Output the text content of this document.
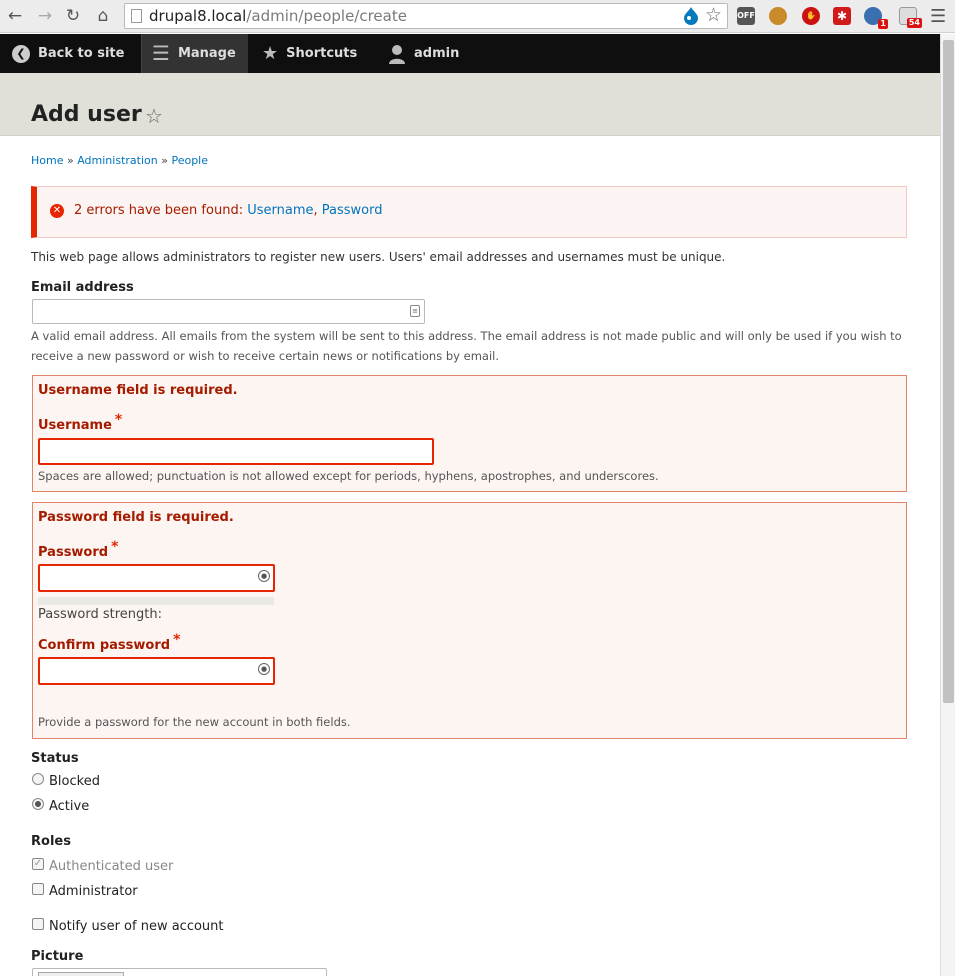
← → ↻	⌂	drupal8.local/admin/people/create	☆ OFF	✋	✱
1	54 ☰
❮ Back to site	☰ Manage	★ Shortcuts	admin
Add user ☆
Home » Administration » People
✕ 2 errors have been found: Username, Password
This web page allows administrators to register new users. Users' email addresses and usernames must be unique.
Email address
≡
A valid email address. All emails from the system will be sent to this address. The email address is not made public and will only be used if you wish to receive a new password or wish to receive certain news or notifications by email.
Username field is required.
Username *
Spaces are allowed; punctuation is not allowed except for periods, hyphens, apostrophes, and underscores.
Password field is required.
Password *
●
Password strength:
Confirm password *
●
Provide a password for the new account in both fields.
Status
Blocked
Active
Roles
✓ Authenticated user
Administrator
Notify user of new account
Picture
